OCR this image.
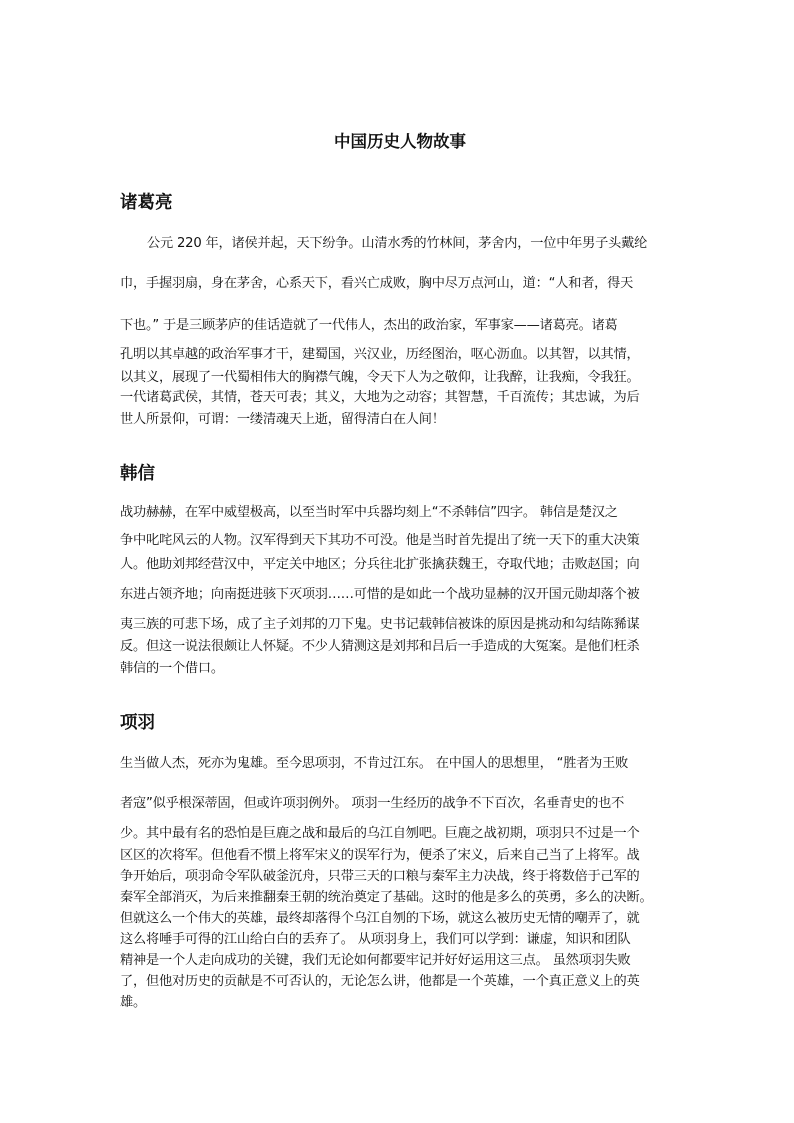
中国历史人物故事
诸葛亮
公元 220 年，诸侯并起，天下纷争。山清水秀的竹林间，茅舍内，一位中年男子头戴纶
巾，手握羽扇，身在茅舍，心系天下，看兴亡成败，胸中尽万点河山，道：“人和者，得天
下也。” 于是三顾茅庐的佳话造就了一代伟人，杰出的政治家，军事家——诸葛亮。诸葛
孔明以其卓越的政治军事才干，建蜀国，兴汉业，历经图治，呕心沥血。以其智，以其情，
以其义，展现了一代蜀相伟大的胸襟气魄，令天下人为之敬仰，让我醉，让我痴，令我狂。
一代诸葛武侯，其情，苍天可表；其义，大地为之动容；其智慧，千百流传；其忠诚，为后
世人所景仰，可谓：一缕清魂天上逝，留得清白在人间！
韩信
战功赫赫，在军中威望极高，以至当时军中兵器均刻上“不杀韩信”四字。 韩信是楚汉之
争中叱咤风云的人物。汉军得到天下其功不可没。他是当时首先提出了统一天下的重大决策
人。他助刘邦经营汉中，平定关中地区；分兵往北扩张擒获魏王，夺取代地；击败赵国；向
东进占领齐地；向南挺进骇下灭项羽……可惜的是如此一个战功显赫的汉开国元勋却落个被
夷三族的可悲下场，成了主子刘邦的刀下鬼。史书记载韩信被诛的原因是挑动和勾结陈豨谋
反。但这一说法很颇让人怀疑。不少人猜测这是刘邦和吕后一手造成的大冤案。是他们枉杀
韩信的一个借口。
项羽
生当做人杰，死亦为鬼雄。至今思项羽，不肯过江东。 在中国人的思想里， “胜者为王败
者寇”似乎根深蒂固，但或许项羽例外。 项羽一生经历的战争不下百次，名垂青史的也不
少。其中最有名的恐怕是巨鹿之战和最后的乌江自刎吧。巨鹿之战初期，项羽只不过是一个
区区的次将军。但他看不惯上将军宋义的误军行为，便杀了宋义，后来自己当了上将军。战
争开始后，项羽命令军队破釜沉舟，只带三天的口粮与秦军主力决战，终于将数倍于己军的
秦军全部消灭，为后来推翻秦王朝的统治奠定了基础。这时的他是多么的英勇，多么的决断。
但就这么一个伟大的英雄，最终却落得个乌江自刎的下场，就这么被历史无情的嘲弄了，就
这么将唾手可得的江山给白白的丢弃了。 从项羽身上，我们可以学到：谦虚，知识和团队
精神是一个人走向成功的关键，我们无论如何都要牢记并好好运用这三点。 虽然项羽失败
了，但他对历史的贡献是不可否认的，无论怎么讲，他都是一个英雄，一个真正意义上的英
雄。
